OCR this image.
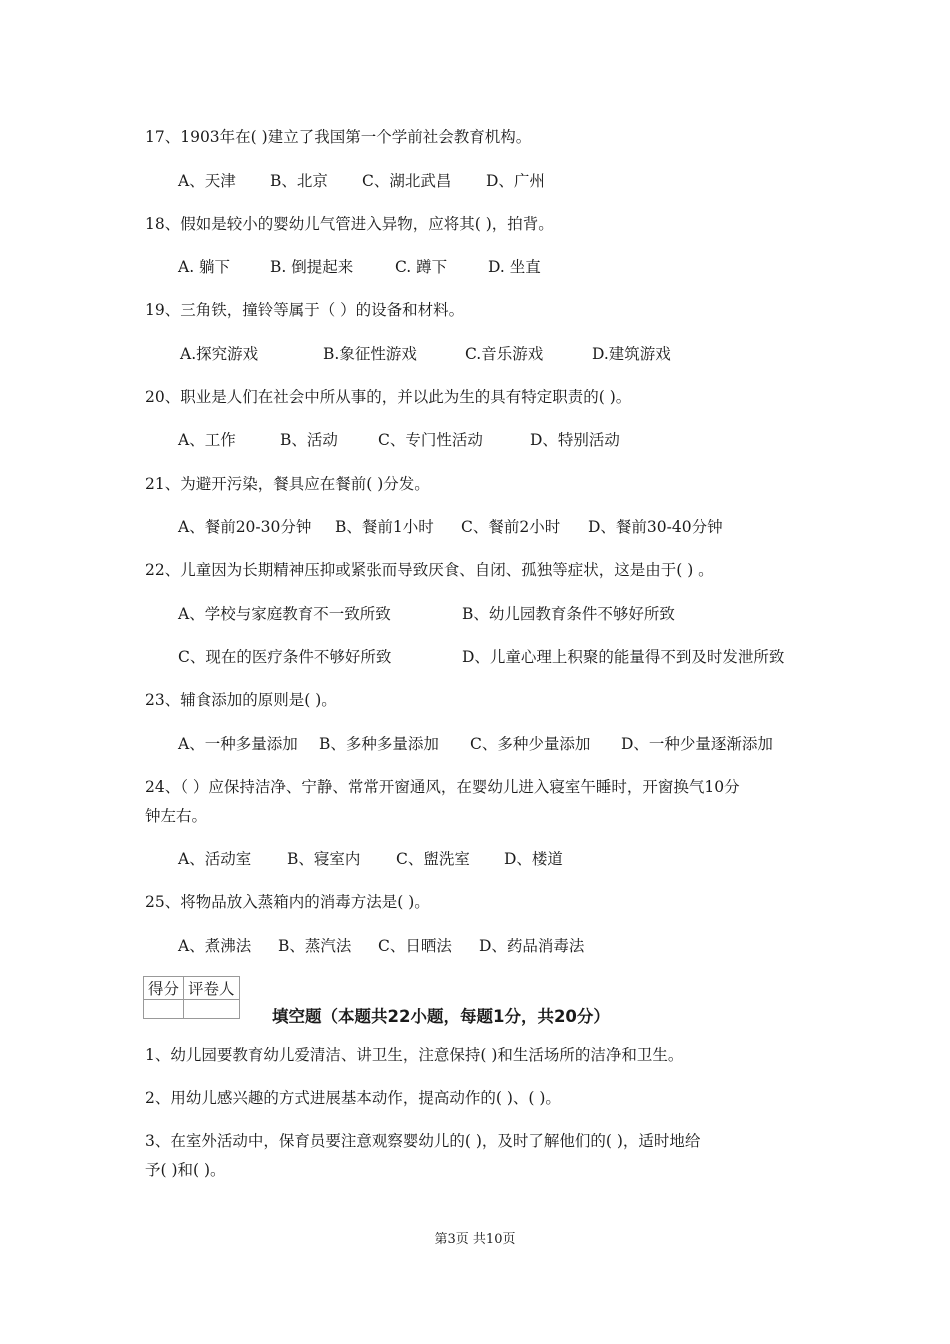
17、1903年在( )建立了我国第一个学前社会教育机构。
A、天津 B、北京 C、湖北武昌 D、广州
18、假如是较小的婴幼儿气管进入异物，应将其( )，拍背。
A. 躺下	B. 倒提起来	C. 蹲下	D. 坐直
19、三角铁，撞铃等属于（ ）的设备和材料。
A.探究游戏	B.象征性游戏	C.音乐游戏	D.建筑游戏
20、职业是人们在社会中所从事的，并以此为生的具有特定职责的( )。
A、工作	B、活动	C、专门性活动	D、特别活动
21、为避开污染，餐具应在餐前( )分发。
A、餐前20-30分钟 B、餐前1小时 C、餐前2小时 D、餐前30-40分钟
22、儿童因为长期精神压抑或紧张而导致厌食、自闭、孤独等症状，这是由于( ) 。
A、学校与家庭教育不一致所致	B、幼儿园教育条件不够好所致
C、现在的医疗条件不够好所致	D、儿童心理上积聚的能量得不到及时发泄所致
23、辅食添加的原则是( )。
A、一种多量添加 B、多种多量添加 C、多种少量添加 D、一种少量逐渐添加
24、（ ）应保持洁净、宁静、常常开窗通风，在婴幼儿进入寝室午睡时，开窗换气10分
钟左右。
A、活动室 B、寝室内 C、盥洗室 D、楼道
25、将物品放入蒸箱内的消毒方法是( )。
A、煮沸法 B、蒸汽法 C、日晒法 D、药品消毒法
得分	评卷人

填空题（本题共22小题，每题1分，共20分）
1、幼儿园要教育幼儿爱清洁、讲卫生，注意保持( )和生活场所的洁净和卫生。
2、用幼儿感兴趣的方式进展基本动作，提高动作的( )、( )。
3、在室外活动中，保育员要注意观察婴幼儿的( )，及时了解他们的( )，适时地给
予( )和( )。
第3页 共10页
